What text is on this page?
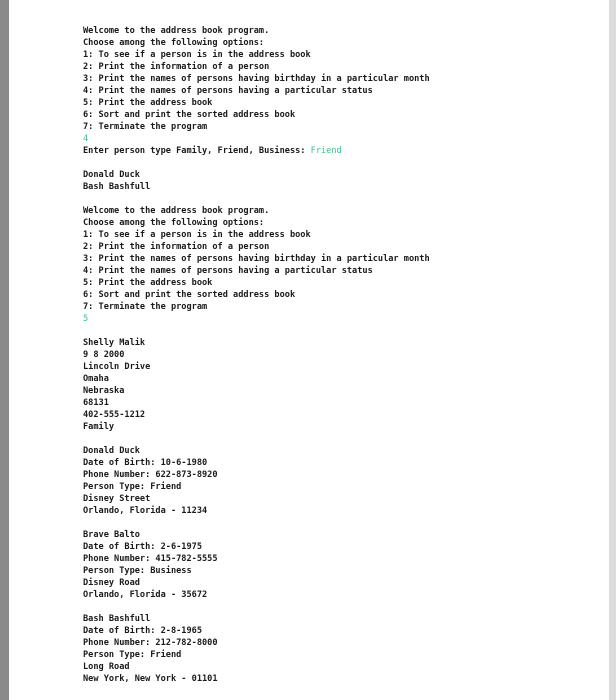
Welcome to the address book program.
Choose among the following options:
1: To see if a person is in the address book
2: Print the information of a person
3: Print the names of persons having birthday in a particular month
4: Print the names of persons having a particular status
5: Print the address book
6: Sort and print the sorted address book
7: Terminate the program
4
Enter person type Family, Friend, Business: Friend
Donald Duck
Bash Bashfull
Welcome to the address book program.
Choose among the following options:
1: To see if a person is in the address book
2: Print the information of a person
3: Print the names of persons having birthday in a particular month
4: Print the names of persons having a particular status
5: Print the address book
6: Sort and print the sorted address book
7: Terminate the program
5
Shelly Malik
9 8 2000
Lincoln Drive
Omaha
Nebraska
68131
402-555-1212
Family
Donald Duck
Date of Birth: 10-6-1980
Phone Number: 622-873-8920
Person Type: Friend
Disney Street
Orlando, Florida - 11234
Brave Balto
Date of Birth: 2-6-1975
Phone Number: 415-782-5555
Person Type: Business
Disney Road
Orlando, Florida - 35672
Bash Bashfull
Date of Birth: 2-8-1965
Phone Number: 212-782-8000
Person Type: Friend
Long Road
New York, New York - 01101
